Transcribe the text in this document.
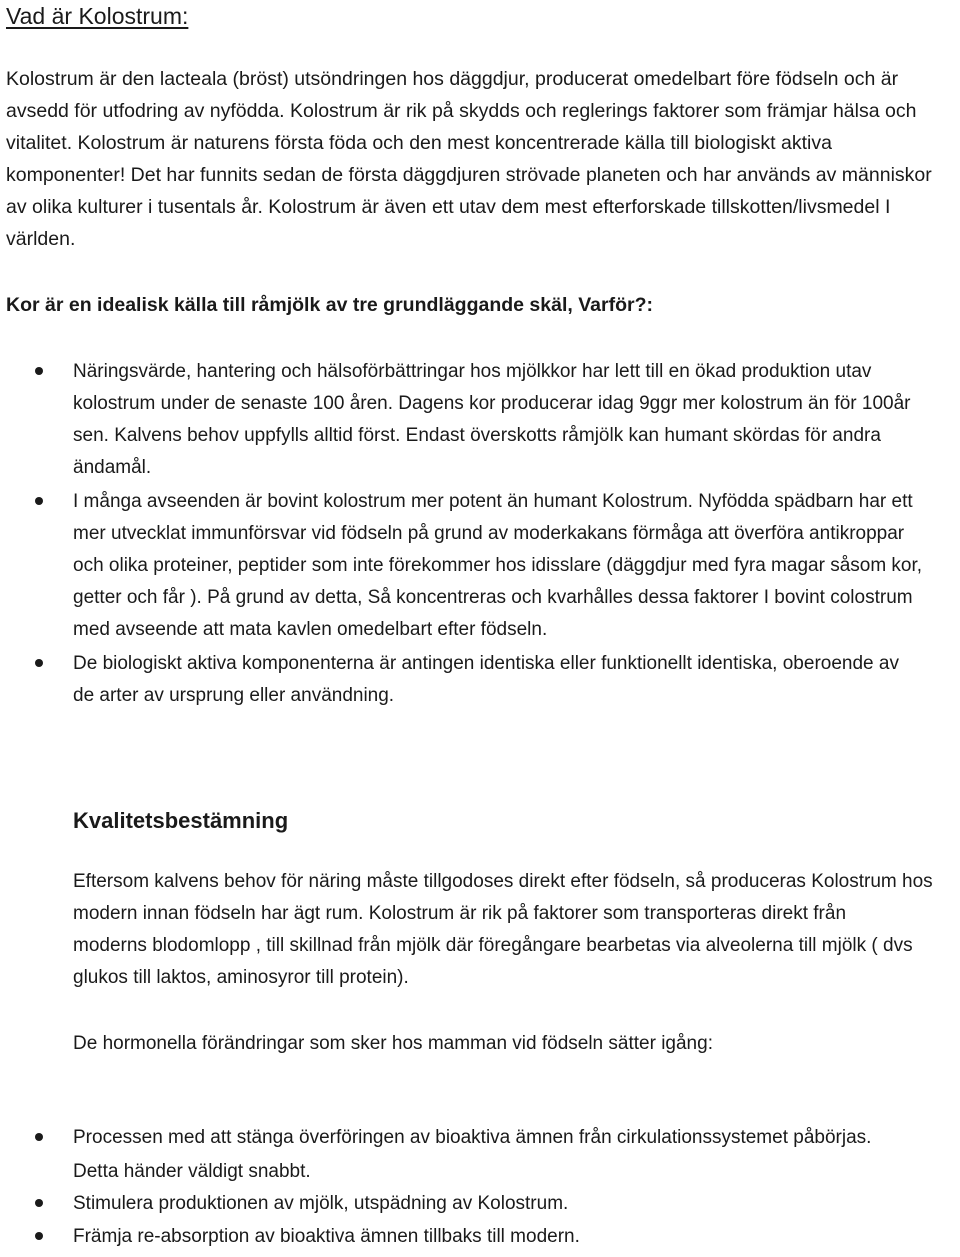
Vad är Kolostrum:
Kolostrum är den lacteala (bröst) utsöndringen hos däggdjur, producerat omedelbart före födseln och är
avsedd för utfodring av nyfödda. Kolostrum är rik på skydds och reglerings faktorer som främjar hälsa och
vitalitet. Kolostrum är naturens första föda och den mest koncentrerade källa till biologiskt aktiva
komponenter! Det har funnits sedan de första däggdjuren strövade planeten och har används av människor
av olika kulturer i tusentals år. Kolostrum är även ett utav dem mest efterforskade tillskotten/livsmedel I
världen.
Kor är en idealisk källa till råmjölk av tre grundläggande skäl, Varför?:
Näringsvärde, hantering och hälsoförbättringar hos mjölkkor har lett till en ökad produktion utav
kolostrum under de senaste 100 åren. Dagens kor producerar idag 9ggr mer kolostrum än för 100år
sen. Kalvens behov uppfylls alltid först. Endast överskotts råmjölk kan humant skördas för andra
ändamål.
I många avseenden är bovint kolostrum mer potent än humant Kolostrum. Nyfödda spädbarn har ett
mer utvecklat immunförsvar vid födseln på grund av moderkakans förmåga att överföra antikroppar
och olika proteiner, peptider som inte förekommer hos idisslare (däggdjur med fyra magar såsom kor,
getter och får ). På grund av detta, Så koncentreras och kvarhålles dessa faktorer I bovint colostrum
med avseende att mata kavlen omedelbart efter födseln.
De biologiskt aktiva komponenterna är antingen identiska eller funktionellt identiska, oberoende av
de arter av ursprung eller användning.
Kvalitetsbestämning
Eftersom kalvens behov för näring måste tillgodoses direkt efter födseln, så produceras Kolostrum hos
modern innan födseln har ägt rum. Kolostrum är rik på faktorer som transporteras direkt från
moderns blodomlopp , till skillnad från mjölk där föregångare bearbetas via alveolerna till mjölk ( dvs
glukos till laktos, aminosyror till protein).
De hormonella förändringar som sker hos mamman vid födseln sätter igång:
Processen med att stänga överföringen av bioaktiva ämnen från cirkulationssystemet påbörjas.
Detta händer väldigt snabbt.
Stimulera produktionen av mjölk, utspädning av Kolostrum.
Främja re-absorption av bioaktiva ämnen tillbaks till modern.
